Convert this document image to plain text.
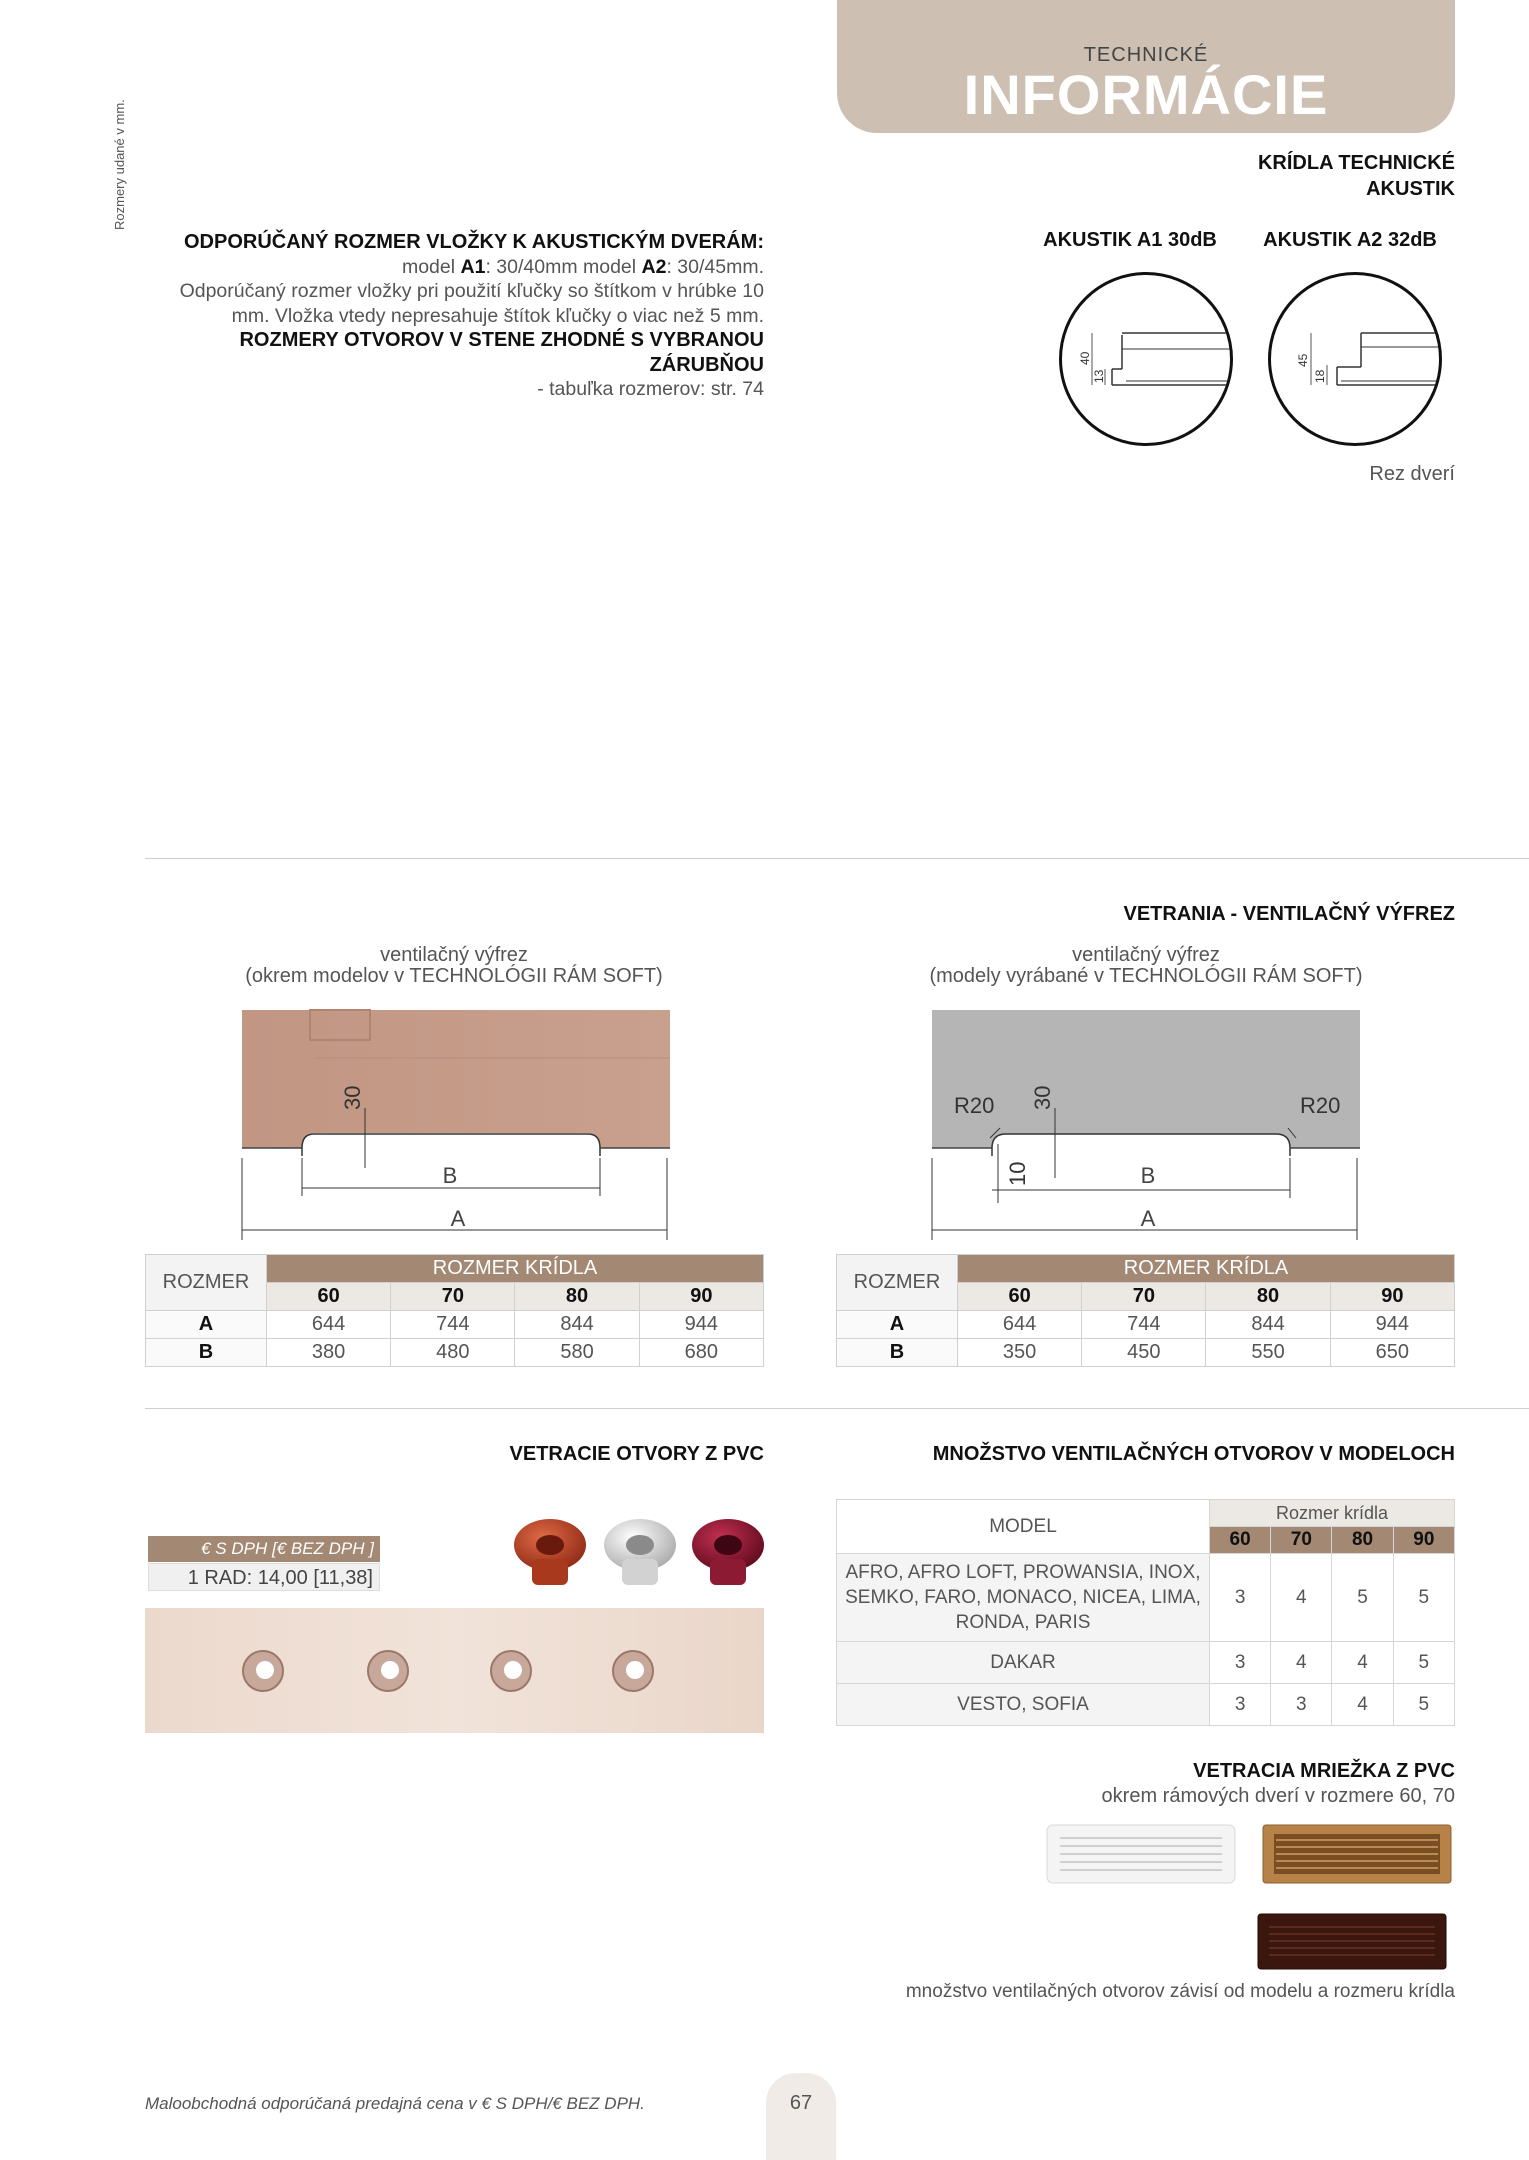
Rozmery udané v mm.
TECHNICKÉ
INFORMÁCIE
KRÍDLA TECHNICKÉ
AKUSTIK
AKUSTIK A1 30dB	AKUSTIK A2 32dB
40
13
45
18
Rez dverí
ODPORÚČANÝ ROZMER VLOŽKY K AKUSTICKÝM DVERÁM:
model A1: 30/40mm model A2: 30/45mm.
Odporúčaný rozmer vložky pri použití kľučky so štítkom v hrúbke 10
mm. Vložka vtedy nepresahuje štítok kľučky o viac než 5 mm.
ROZMERY OTVOROV V STENE ZHODNÉ S VYBRANOU ZÁRUBŇOU
- tabuľka rozmerov: str. 74
VETRANIA - VENTILAČNÝ VÝFREZ
ventilačný výfrez
(okrem modelov v TECHNOLÓGII RÁM SOFT)
ventilačný výfrez
(modely vyrábané v TECHNOLÓGII RÁM SOFT)
30
B
A
R20	R20
30
10	B
A
ROZMER	ROZMER KRÍDLA			
	60	70	80	90
A	644	744	844	944
B	380	480	580	680
ROZMER	ROZMER KRÍDLA			
	60	70	80	90
A	644	744	844	944
B	350	450	550	650
VETRACIE OTVORY Z PVC
€ S DPH [€ BEZ DPH ]
1 RAD: 14,00 [11,38]
MNOŽSTVO VENTILAČNÝCH OTVOROV V MODELOCH
MODEL	Rozmer krídla			
	60	70	80	90
AFRO, AFRO LOFT, PROWANSIA, INOX, SEMKO, FARO, MONACO, NICEA, LIMA, RONDA, PARIS	3	4	5	5
DAKAR	3	4	4	5
VESTO, SOFIA	3	3	4	5
VETRACIA MRIEŽKA Z PVC
okrem rámových dverí v rozmere 60, 70
množstvo ventilačných otvorov závisí od modelu a rozmeru krídla
Maloobchodná odporúčaná predajná cena v € S DPH/€ BEZ DPH.	67
